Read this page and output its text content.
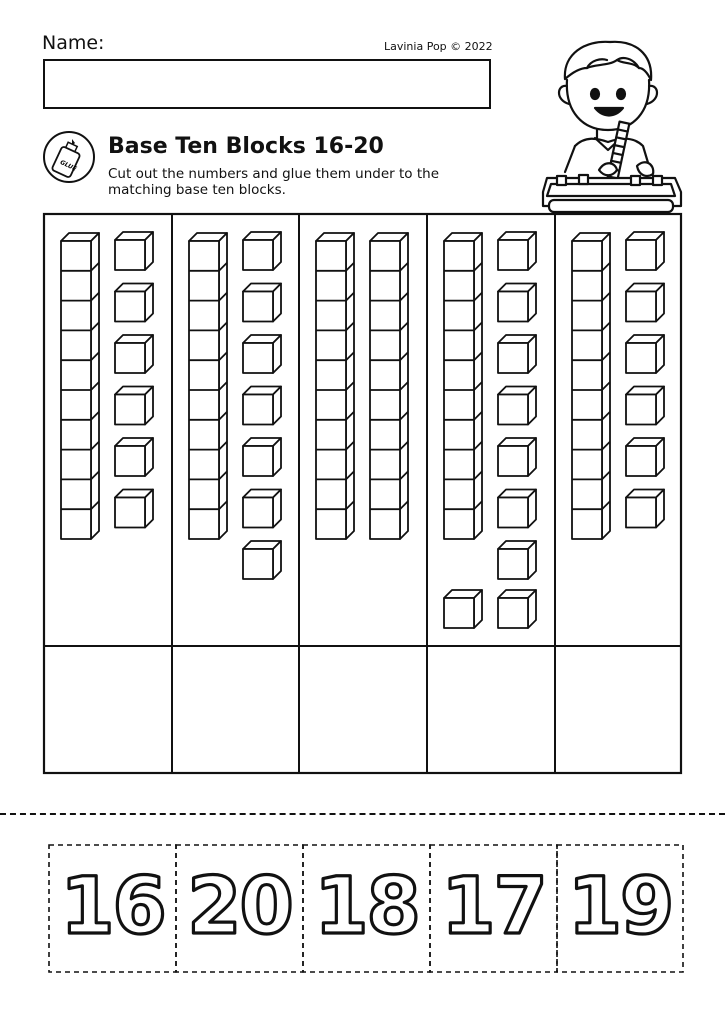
Name:	Lavinia Pop © 2022
GLUE
Base Ten Blocks 16-20
Cut out the numbers and glue them under to the matching base ten blocks.
16 20 18 17 19
